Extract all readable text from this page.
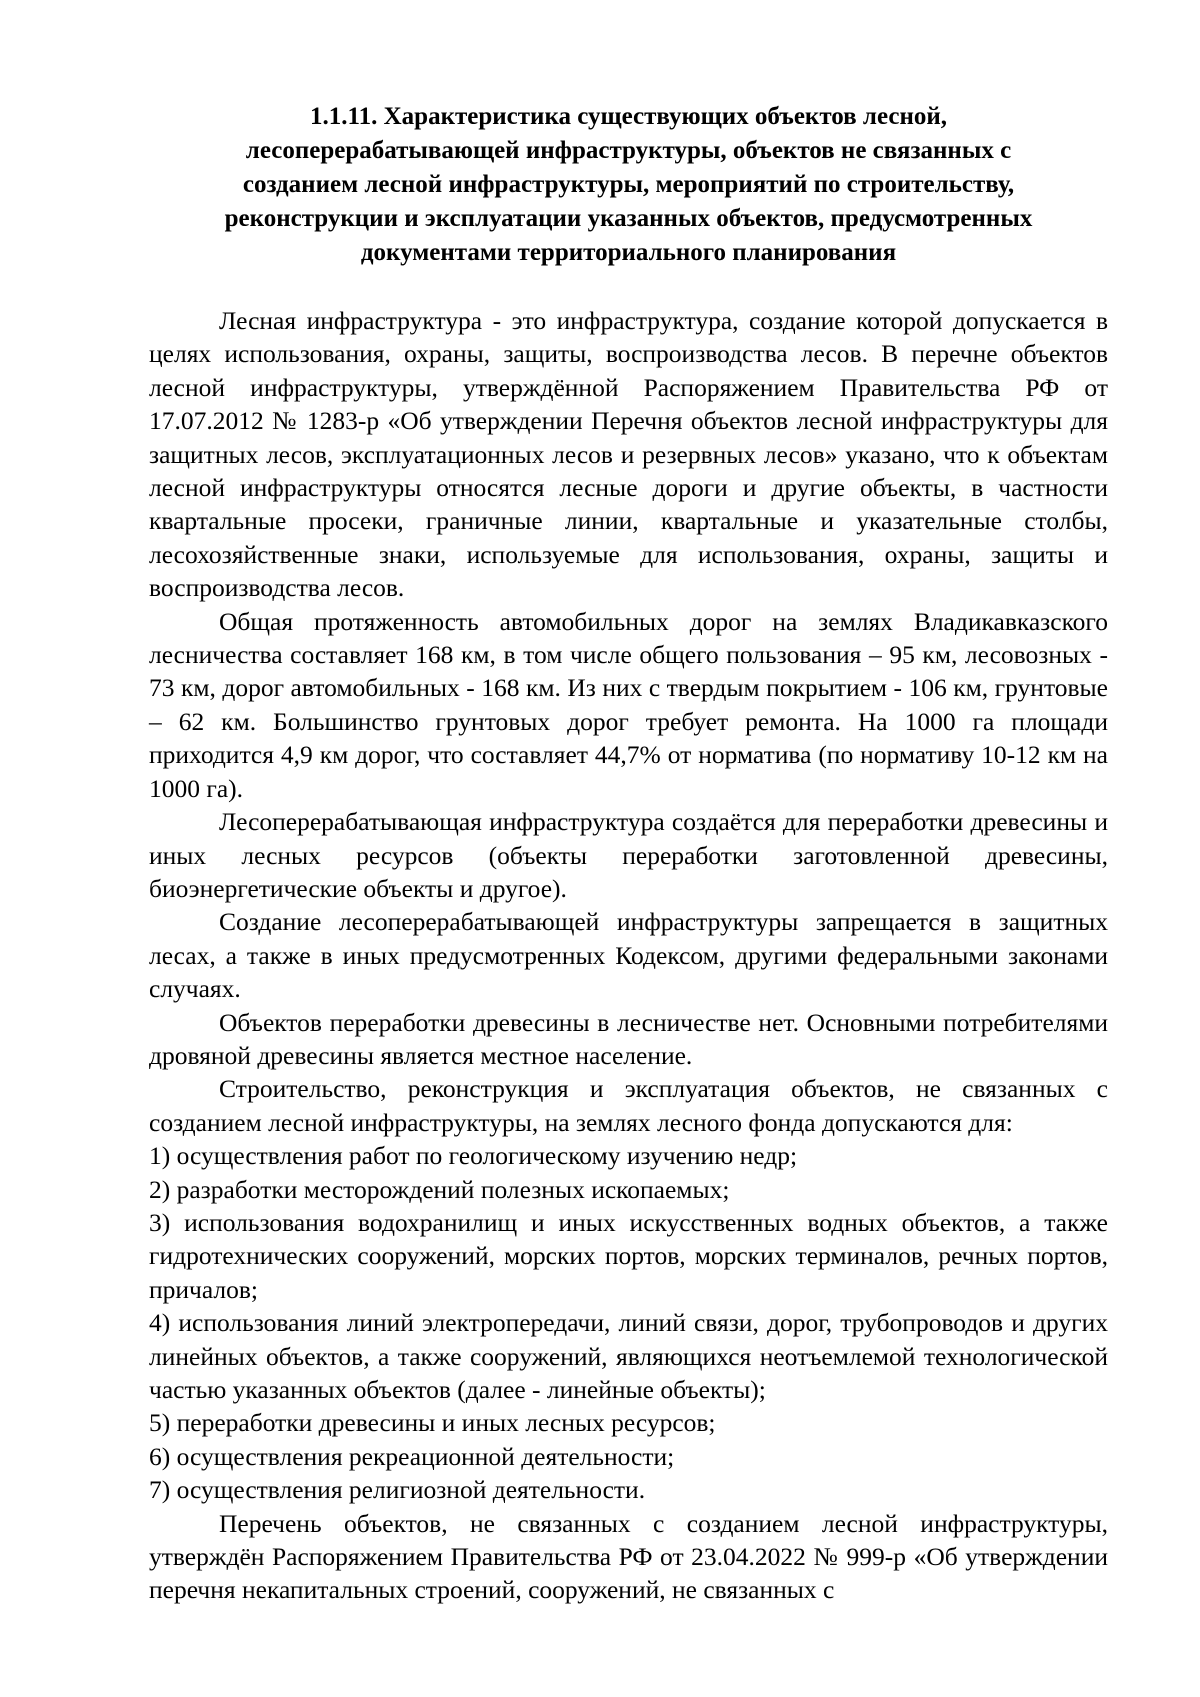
1.1.11. Характеристика существующих объектов лесной,
лесоперерабатывающей инфраструктуры, объектов не связанных с
созданием лесной инфраструктуры, мероприятий по строительству,
реконструкции и эксплуатации указанных объектов, предусмотренных
документами территориального планирования

Лесная инфраструктура - это инфраструктура, создание которой допускается в целях использования, охраны, защиты, воспроизводства лесов. В перечне объектов лесной инфраструктуры, утверждённой Распоряжением Правительства РФ от 17.07.2012 № 1283-р «Об утверждении Перечня объектов лесной инфраструктуры для защитных лесов, эксплуатационных лесов и резервных лесов» указано, что к объектам лесной инфраструктуры относятся лесные дороги и другие объекты, в частности квартальные просеки, граничные линии, квартальные и указательные столбы, лесохозяйственные знаки, используемые для использования, охраны, защиты и воспроизводства лесов.

Общая протяженность автомобильных дорог на землях Владикавказского лесничества составляет 168 км, в том числе общего пользования – 95 км, лесовозных - 73 км, дорог автомобильных - 168 км. Из них с твердым покрытием - 106 км, грунтовые – 62 км. Большинство грунтовых дорог требует ремонта. На 1000 га площади приходится 4,9 км дорог, что составляет 44,7% от норматива (по нормативу 10-12 км на 1000 га).

Лесоперерабатывающая инфраструктура создаётся для переработки древесины и иных лесных ресурсов (объекты переработки заготовленной древесины, биоэнергетические объекты и другое).

Создание лесоперерабатывающей инфраструктуры запрещается в защитных лесах, а также в иных предусмотренных Кодексом, другими федеральными законами случаях.

Объектов переработки древесины в лесничестве нет. Основными потребителями дровяной древесины является местное население.

Строительство, реконструкция и эксплуатация объектов, не связанных с созданием лесной инфраструктуры, на землях лесного фонда допускаются для:

1) осуществления работ по геологическому изучению недр;

2) разработки месторождений полезных ископаемых;

3) использования водохранилищ и иных искусственных водных объектов, а также гидротехнических сооружений, морских портов, морских терминалов, речных портов, причалов;

4) использования линий электропередачи, линий связи, дорог, трубопроводов и других линейных объектов, а также сооружений, являющихся неотъемлемой технологической частью указанных объектов (далее - линейные объекты);

5) переработки древесины и иных лесных ресурсов;

6) осуществления рекреационной деятельности;

7) осуществления религиозной деятельности.

Перечень объектов, не связанных с созданием лесной инфраструктуры, утверждён Распоряжением Правительства РФ от 23.04.2022 № 999-р «Об утверждении перечня некапитальных строений, сооружений, не связанных с
